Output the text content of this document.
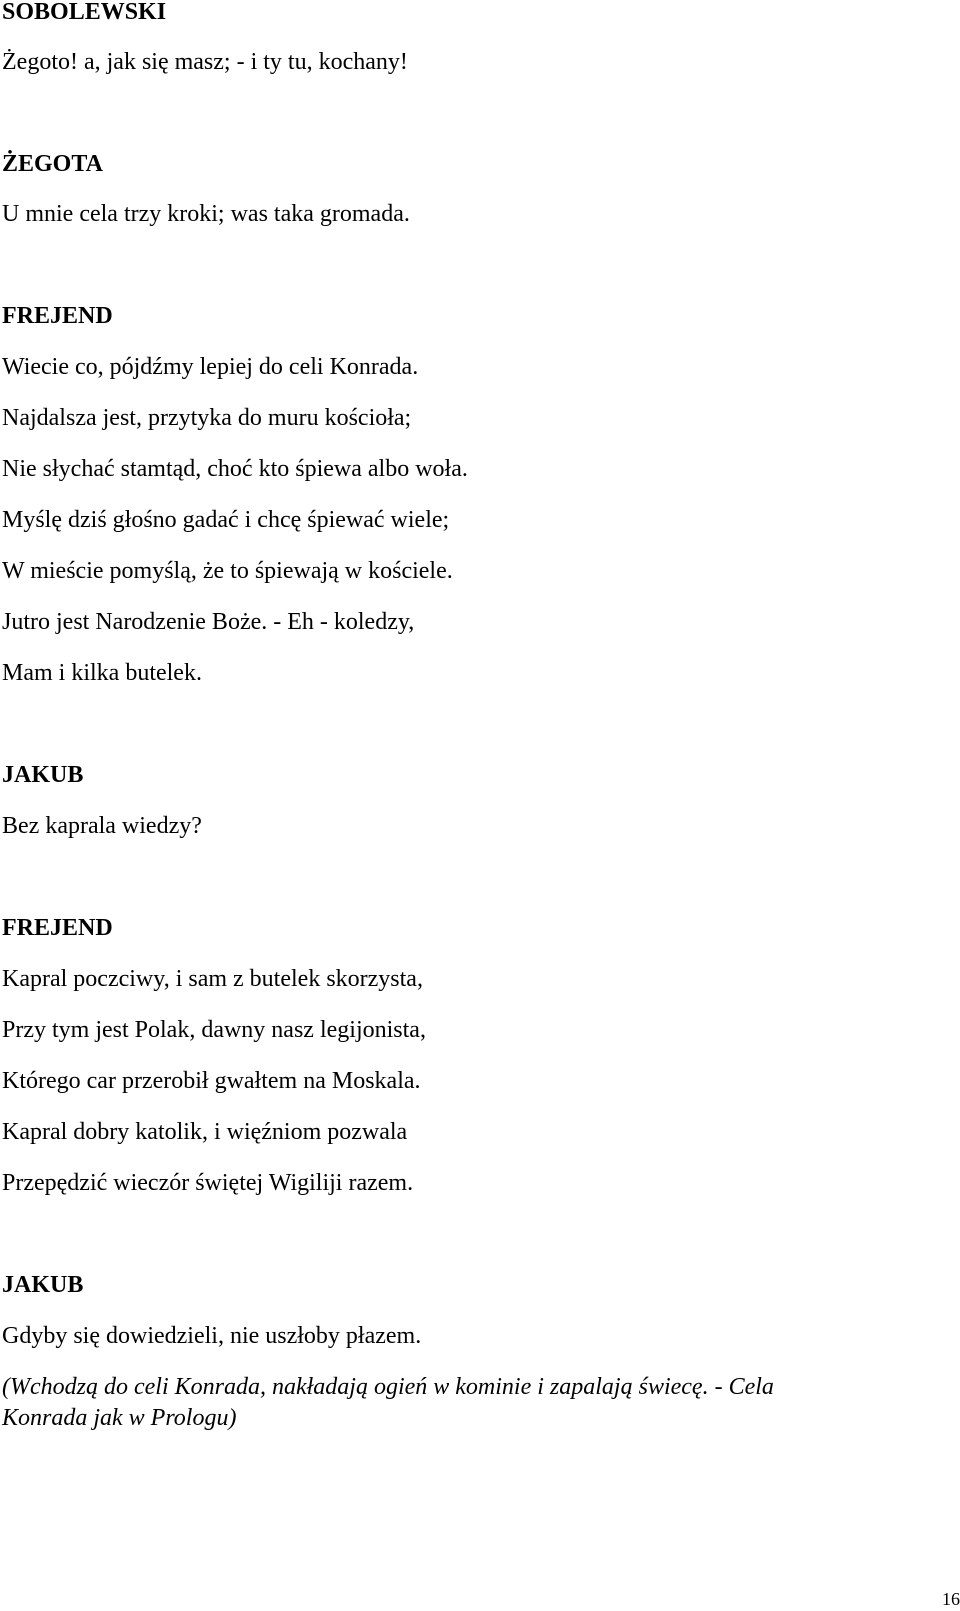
SOBOLEWSKI

Żegoto! a, jak się masz; - i ty tu, kochany!

ŻEGOTA

U mnie cela trzy kroki; was taka gromada.

FREJEND

Wiecie co, pójdźmy lepiej do celi Konrada.

Najdalsza jest, przytyka do muru kościoła;

Nie słychać stamtąd, choć kto śpiewa albo woła.

Myślę dziś głośno gadać i chcę śpiewać wiele;

W mieście pomyślą, że to śpiewają w kościele.

Jutro jest Narodzenie Boże. - Eh - koledzy,

Mam i kilka butelek.

JAKUB

Bez kaprala wiedzy?

FREJEND

Kapral poczciwy, i sam z butelek skorzysta,

Przy tym jest Polak, dawny nasz legijonista,

Którego car przerobił gwałtem na Moskala.

Kapral dobry katolik, i więźniom pozwala

Przepędzić wieczór świętej Wigiliji razem.

JAKUB

Gdyby się dowiedzieli, nie uszłoby płazem.

(Wchodzą do celi Konrada, nakładają ogień w kominie i zapalają świecę. - Cela

Konrada jak w Prologu)

16
